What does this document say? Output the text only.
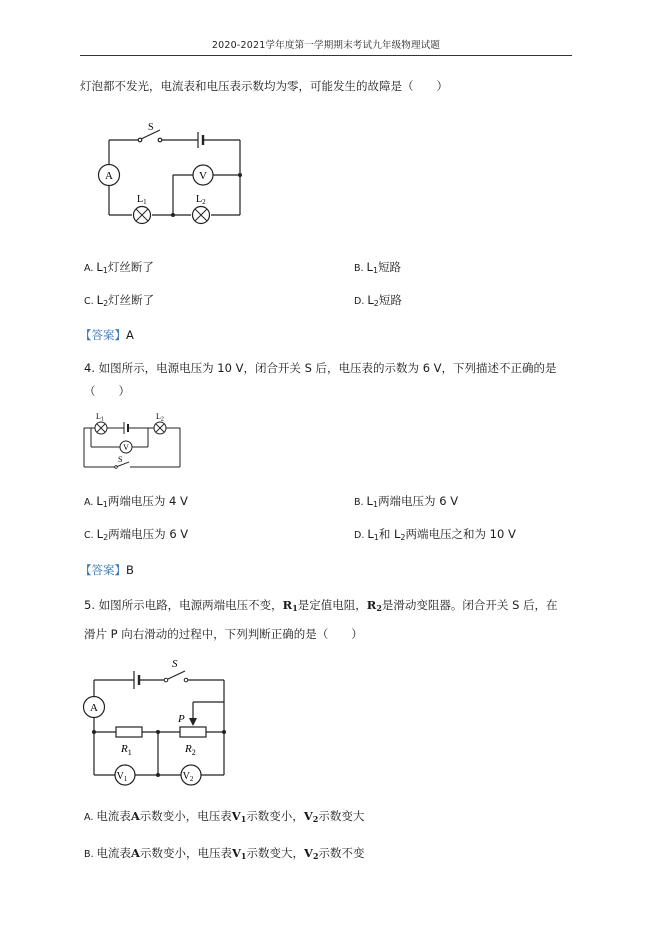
2020-2021学年度第一学期期末考试九年级物理试题
灯泡都不发光，电流表和电压表示数均为零，可能发生的故障是（　　）
A	V
S
$L_1$	$L_2$
A. $L_1$灯丝断了	B. $L_1$短路
C. $L_2$灯丝断了	D. $L_2$短路
【答案】A
4. 如图所示，电源电压为 10 V，闭合开关 S 后，电压表的示数为 6 V，下列描述不正确的是
（　　）
V
L1	L2
S
A. $L_1$两端电压为 4 V	B. $L_1$两端电压为 6 V
C. $L_2$两端电压为 6 V	D. $L_1$和 $L_2$两端电压之和为 10 V
【答案】B
5. 如图所示电路，电源两端电压不变，$R_1$是定值电阻，$R_2$是滑动变阻器。闭合开关 S 后，在
滑片 P 向右滑动的过程中，下列判断正确的是（　　）
A
$V_1$	$V_2$
S
P
$R_1$	$R_2$
A. 电流表A示数变小，电压表$V_1$示数变小，$V_2$示数变大
B. 电流表A示数变小，电压表$V_1$示数变大，$V_2$示数不变
